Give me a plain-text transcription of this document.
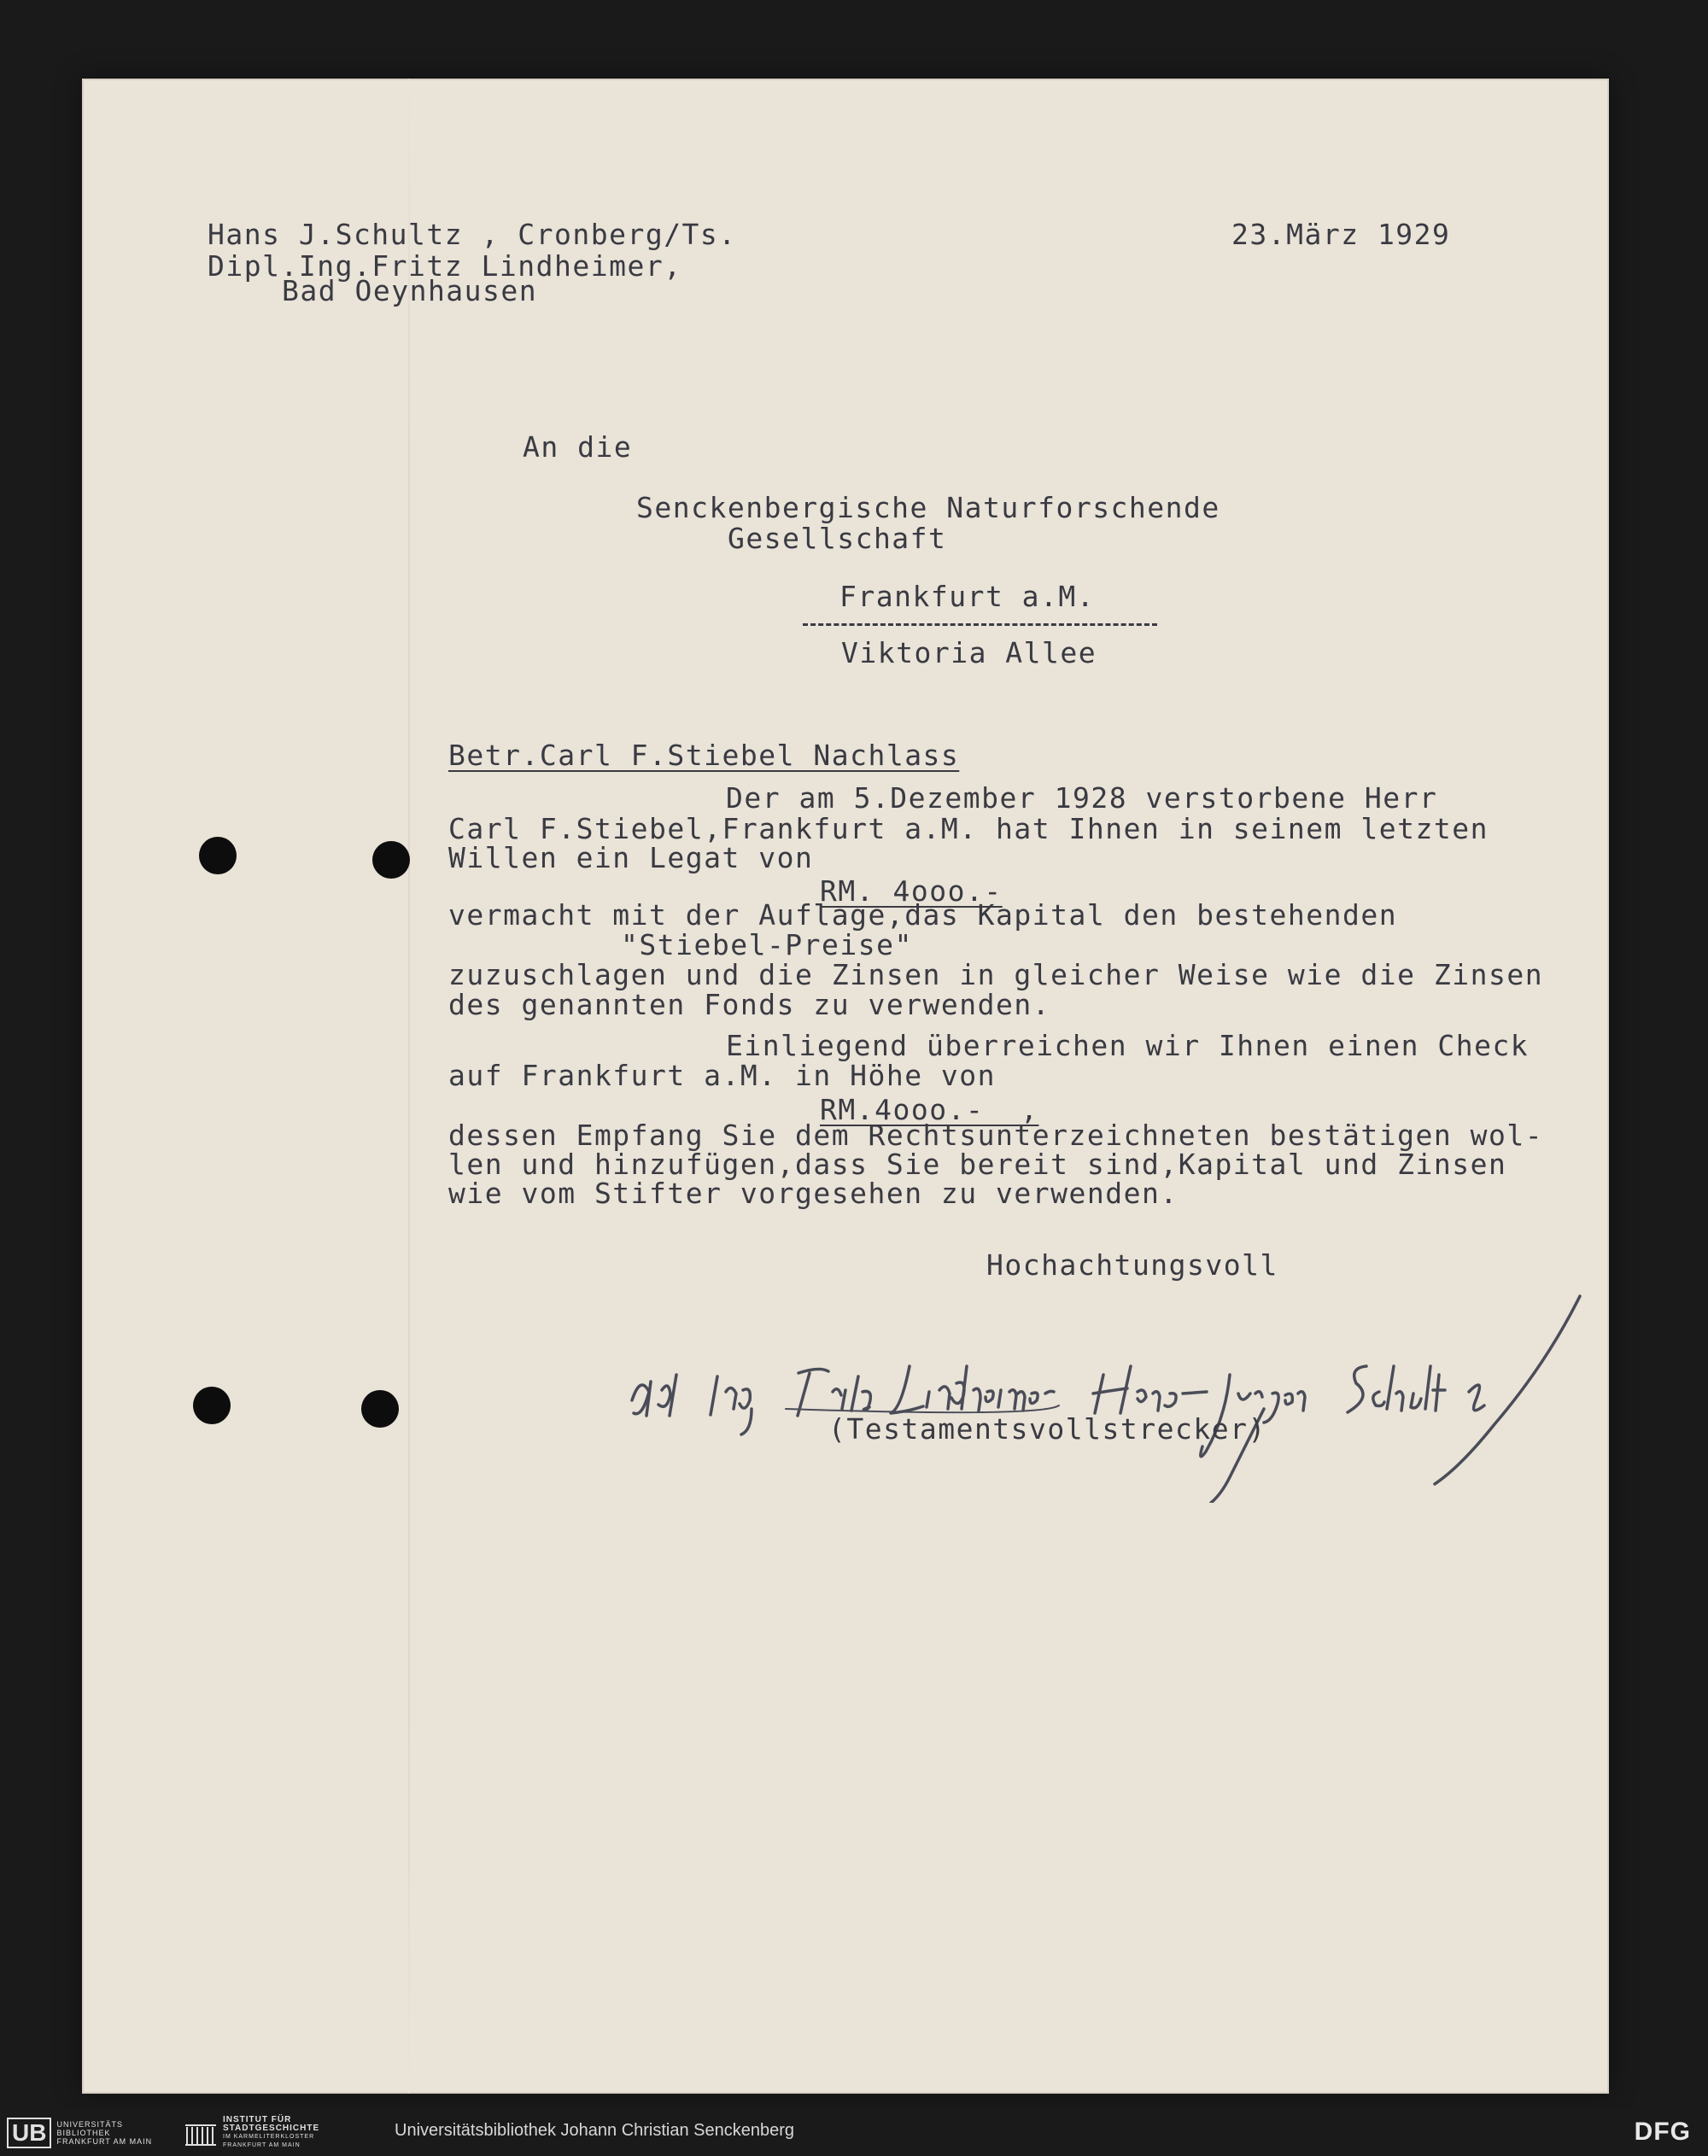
Hans J.Schultz , Cronberg/Ts.
Dipl.Ing.Fritz Lindheimer,
Bad Oeynhausen
23.März 1929
An die
Senckenbergische Naturforschende
Gesellschaft
Frankfurt a.M.
Viktoria Allee
Betr.Carl F.Stiebel Nachlass
Der am 5.Dezember 1928 verstorbene Herr
Carl F.Stiebel,Frankfurt a.M. hat Ihnen in seinem letzten
Willen ein Legat von
RM. 4ooo.-
vermacht mit der Auflage,das Kapital den bestehenden
"Stiebel-Preise"
zuzuschlagen und die Zinsen in gleicher Weise wie die Zinsen
des genannten Fonds zu verwenden.
Einliegend überreichen wir Ihnen einen Check
auf Frankfurt a.M. in Höhe von
RM.4ooo.-  ,
dessen Empfang Sie dem Rechtsunterzeichneten bestätigen wol-
len und hinzufügen,dass Sie bereit sind,Kapital und Zinsen
wie vom Stifter vorgesehen zu verwenden.
Hochachtungsvoll
(Testamentsvollstrecker)
UB	UNIVERSITÄTS
BIBLIOTHEK
FRANKFURT AM MAIN
INSTITUT FÜR
STADTGESCHICHTE
IM KARMELITERKLOSTER
FRANKFURT AM MAIN
Universitätsbibliothek Johann Christian Senckenberg	DFG
